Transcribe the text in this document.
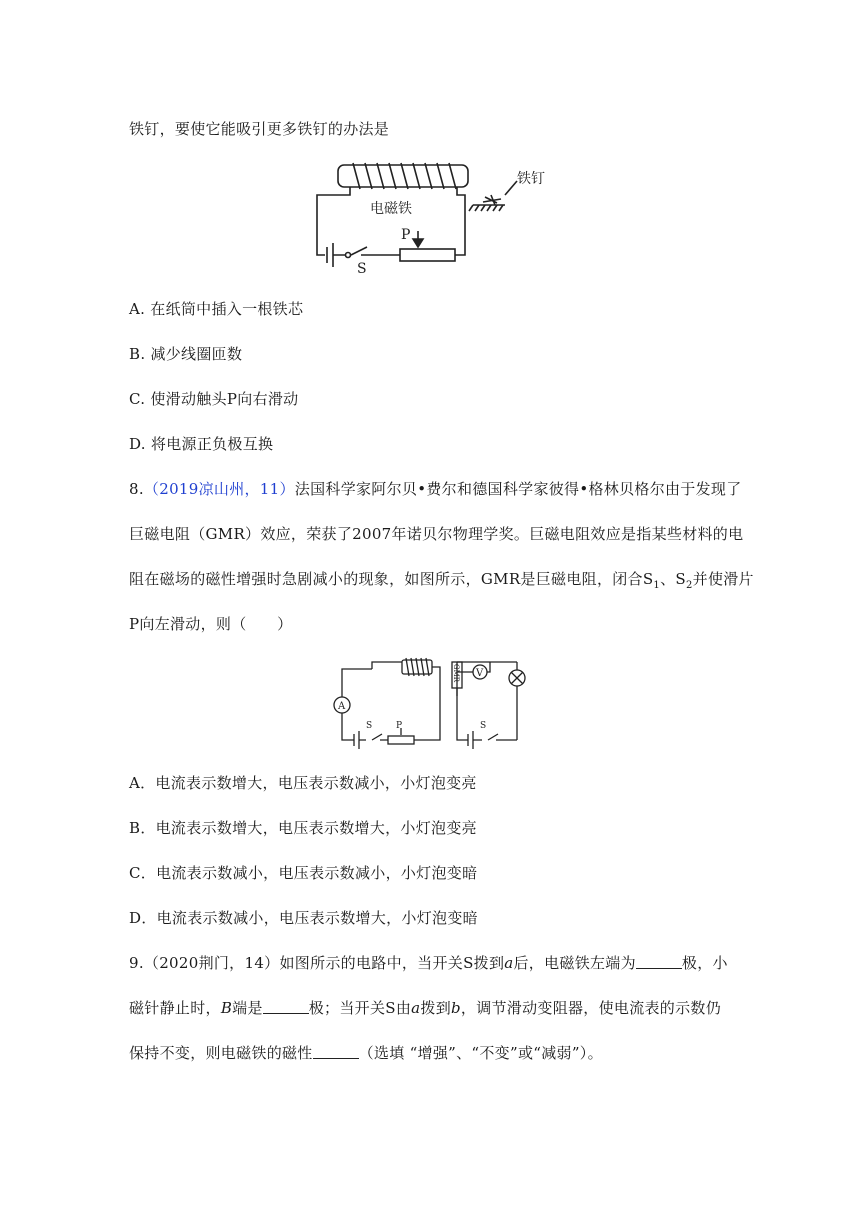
铁钉，要使它能吸引更多铁钉的办法是
电磁铁
铁钉
P
S
A. 在纸筒中插入一根铁芯
B. 减少线圈匝数
C. 使滑动触头P向右滑动
D. 将电源正负极互换
8.（2019凉山州，11）法国科学家阿尔贝•费尔和德国科学家彼得•格林贝格尔由于发现了
巨磁电阻（GMR）效应，荣获了2007年诺贝尔物理学奖。巨磁电阻效应是指某些材料的电
阻在磁场的磁性增强时急剧减小的现象，如图所示，GMR是巨磁电阻，闭合$S_1$、$S_2$并使滑片
P向左滑动，则（　　）
A
V
GMR
P
S	S
A．电流表示数增大，电压表示数减小，小灯泡变亮
B．电流表示数增大，电压表示数增大，小灯泡变亮
C．电流表示数减小，电压表示数减小，小灯泡变暗
D．电流表示数减小，电压表示数增大，小灯泡变暗
9.（2020荆门，14）如图所示的电路中，当开关S拨到a后，电磁铁左端为	极，小
磁针静止时，B端是	极；当开关S由a拨到b，调节滑动变阻器，使电流表的示数仍
保持不变，则电磁铁的磁性	（选填 “增强”、“不变”或“减弱”）。
